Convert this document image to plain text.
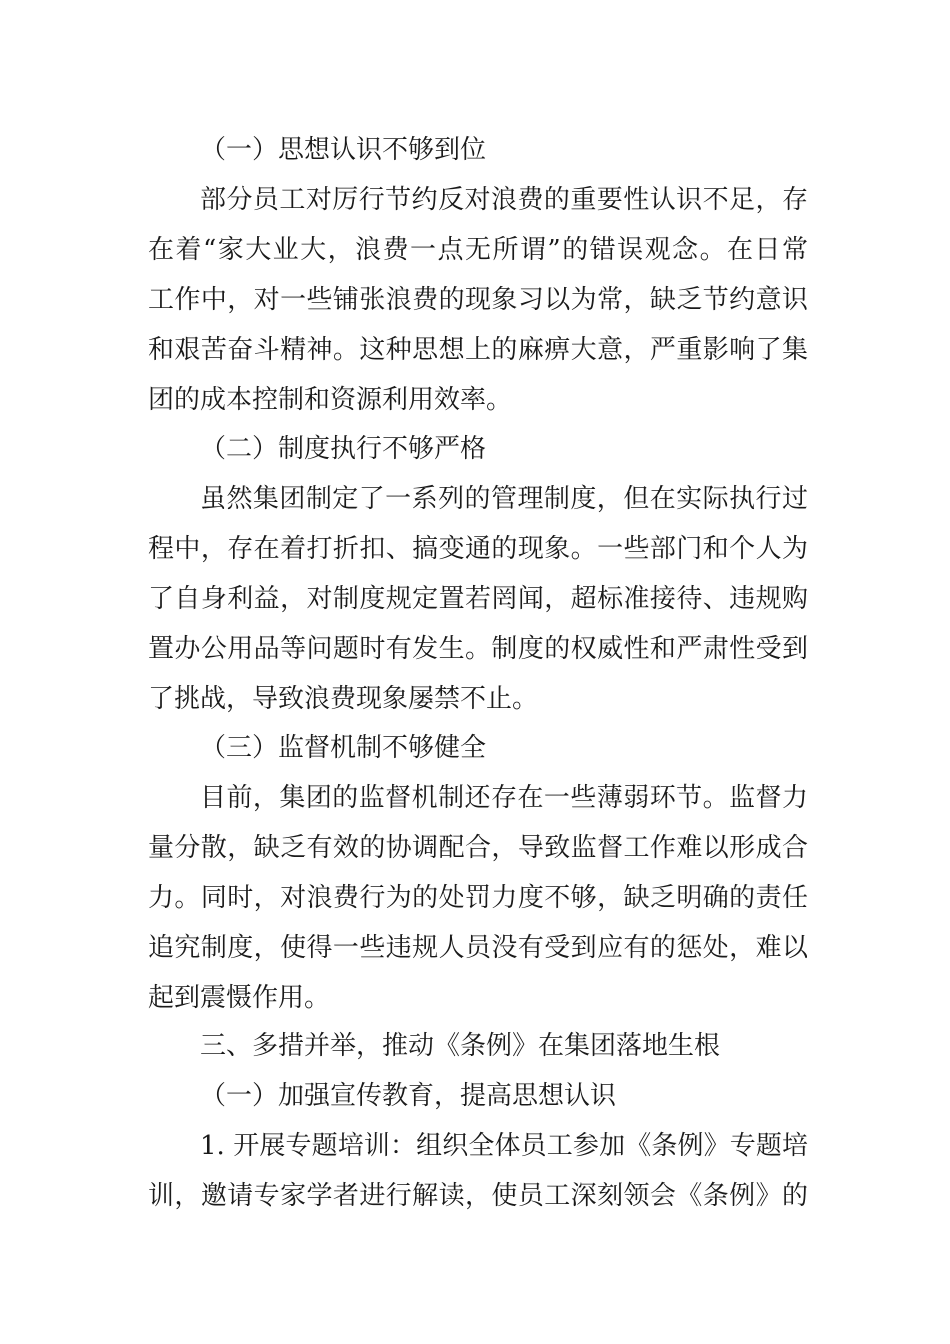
（一）思想认识不够到位
部分员工对厉行节约反对浪费的重要性认识不足，存
在着“家大业大，浪费一点无所谓”的错误观念。在日常
工作中，对一些铺张浪费的现象习以为常，缺乏节约意识
和艰苦奋斗精神。这种思想上的麻痹大意，严重影响了集
团的成本控制和资源利用效率。
（二）制度执行不够严格
虽然集团制定了一系列的管理制度，但在实际执行过
程中，存在着打折扣、搞变通的现象。一些部门和个人为
了自身利益，对制度规定置若罔闻，超标准接待、违规购
置办公用品等问题时有发生。制度的权威性和严肃性受到
了挑战，导致浪费现象屡禁不止。
（三）监督机制不够健全
目前，集团的监督机制还存在一些薄弱环节。监督力
量分散，缺乏有效的协调配合，导致监督工作难以形成合
力。同时，对浪费行为的处罚力度不够，缺乏明确的责任
追究制度，使得一些违规人员没有受到应有的惩处，难以
起到震慑作用。
三、多措并举，推动《条例》在集团落地生根
（一）加强宣传教育，提高思想认识
1. 开展专题培训：组织全体员工参加《条例》专题培
训，邀请专家学者进行解读，使员工深刻领会《条例》的
